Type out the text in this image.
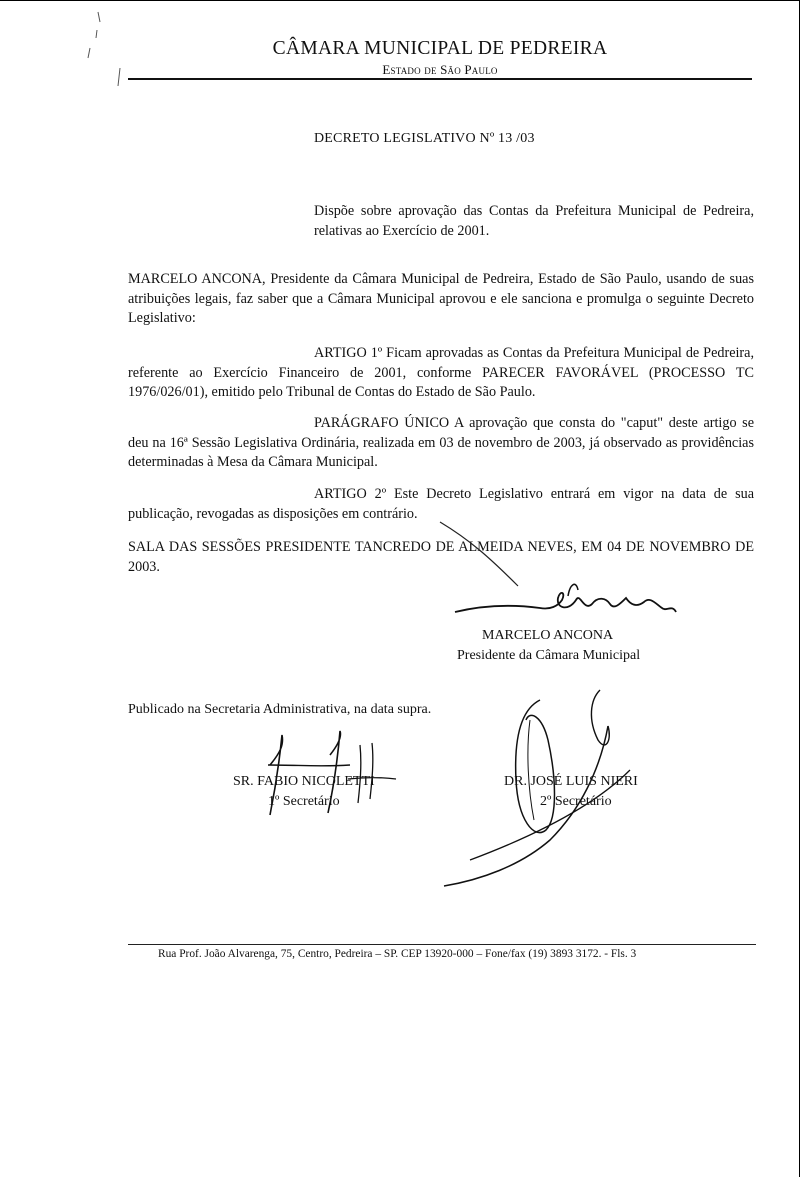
CÂMARA MUNICIPAL DE PEDREIRA
Estado de São Paulo
DECRETO LEGISLATIVO Nº 13 /03

Dispõe sobre aprovação das Contas da Prefeitura Municipal de Pedreira, relativas ao Exercício de 2001.

MARCELO ANCONA, Presidente da Câmara Municipal de Pedreira, Estado de São Paulo, usando de suas atribuições legais, faz saber que a Câmara Municipal aprovou e ele sanciona e promulga o seguinte Decreto Legislativo:

ARTIGO 1º Ficam aprovadas as Contas da Prefeitura Municipal de Pedreira, referente ao Exercício Financeiro de 2001, conforme PARECER FAVORÁVEL (PROCESSO TC 1976/026/01), emitido pelo Tribunal de Contas do Estado de São Paulo.

PARÁGRAFO ÚNICO A aprovação que consta do "caput" deste artigo se deu na 16ª Sessão Legislativa Ordinária, realizada em 03 de novembro de 2003, já observado as providências determinadas à Mesa da Câmara Municipal.

ARTIGO 2º Este Decreto Legislativo entrará em vigor na data de sua publicação, revogadas as disposições em contrário.

SALA DAS SESSÕES PRESIDENTE TANCREDO DE ALMEIDA NEVES, EM 04 DE NOVEMBRO DE 2003.

MARCELO ANCONA
Presidente da Câmara Municipal
Publicado na Secretaria Administrativa, na data supra.
SR. FABIO NICOLETTI
1º Secretário
DR. JOSÉ LUIS NIERI
2º Secretário
Rua Prof. João Alvarenga, 75, Centro, Pedreira – SP. CEP 13920-000 – Fone/fax (19) 3893 3172. - Fls. 3
